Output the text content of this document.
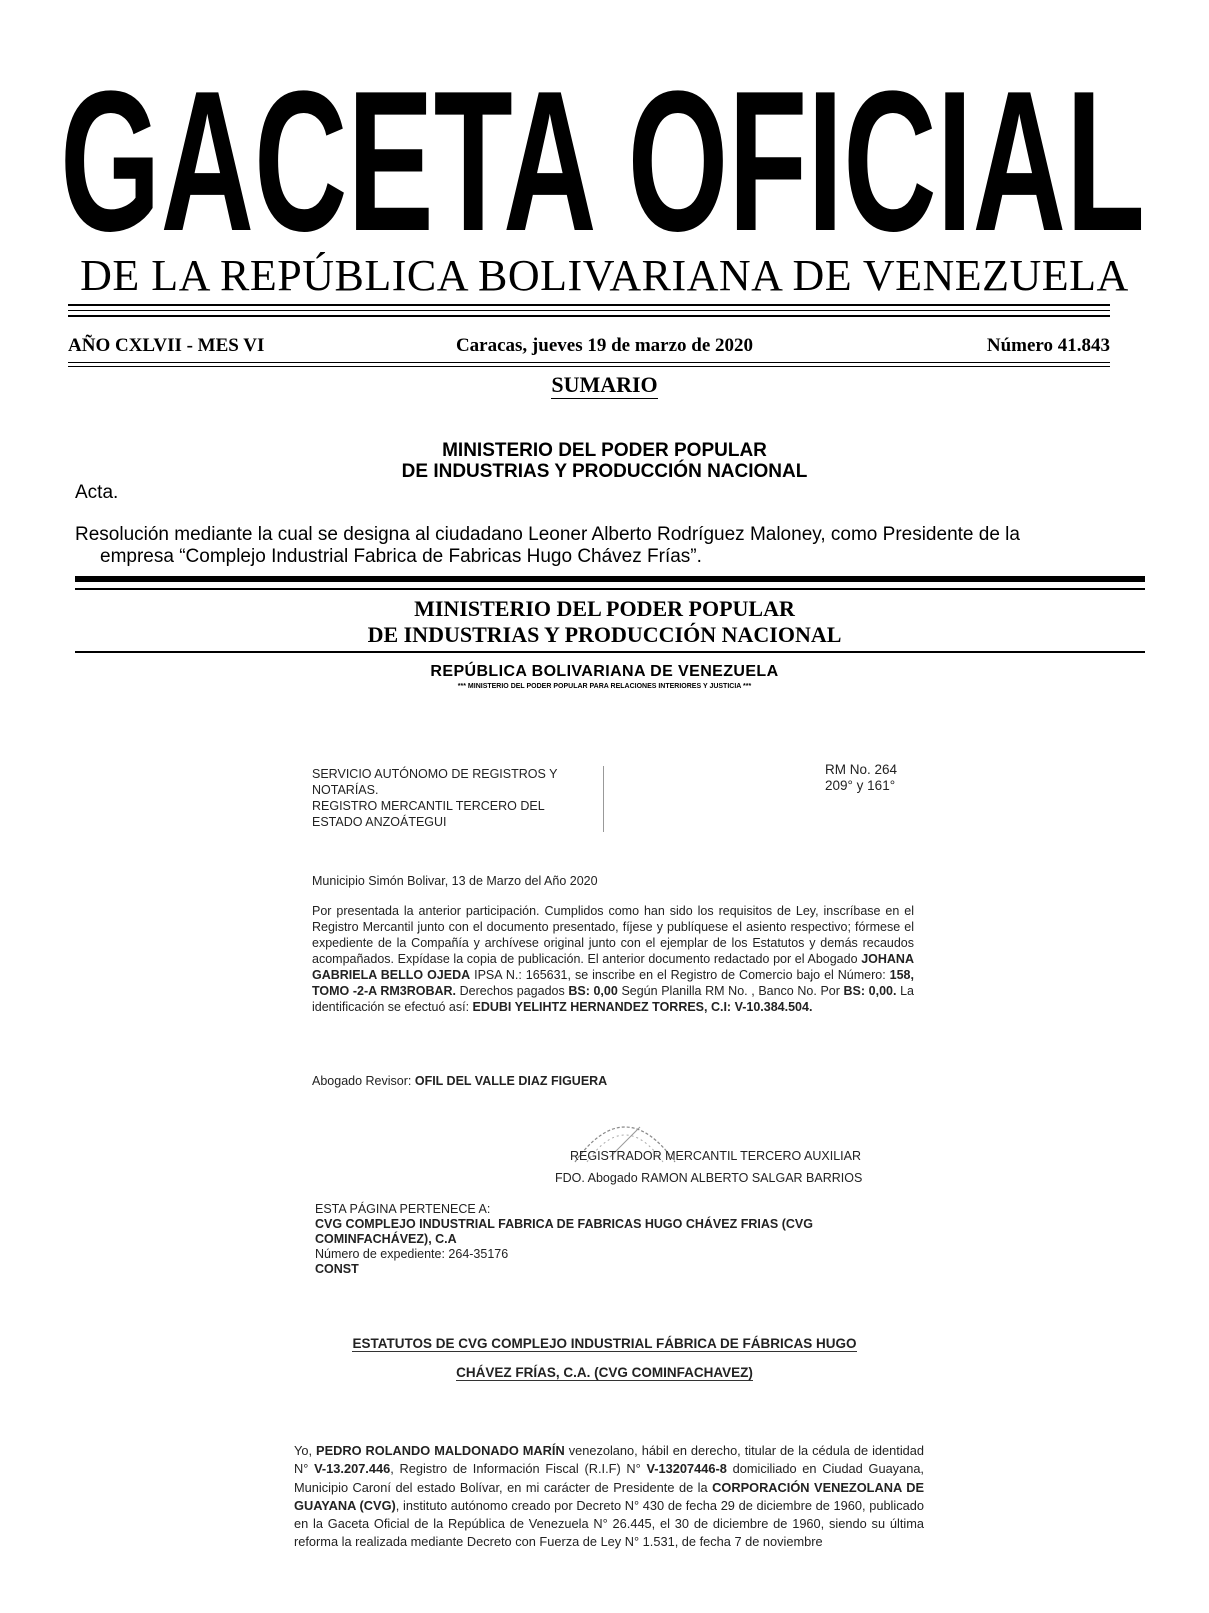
GACETA OFICIAL
DE LA REPÚBLICA BOLIVARIANA DE VENEZUELA
AÑO CXLVII - MES VI	Caracas, jueves 19 de marzo de 2020	Número 41.843
SUMARIO
MINISTERIO DEL PODER POPULAR
DE INDUSTRIAS Y PRODUCCIÓN NACIONAL
Acta.
Resolución mediante la cual se designa al ciudadano Leoner Alberto Rodríguez Maloney, como Presidente de la
empresa “Complejo Industrial Fabrica de Fabricas Hugo Chávez Frías”.
MINISTERIO DEL PODER POPULAR
DE INDUSTRIAS Y PRODUCCIÓN NACIONAL
REPÚBLICA BOLIVARIANA DE VENEZUELA
*** MINISTERIO DEL PODER POPULAR PARA RELACIONES INTERIORES Y JUSTICIA ***
SERVICIO AUTÓNOMO DE REGISTROS Y
NOTARÍAS.
REGISTRO MERCANTIL TERCERO DEL
ESTADO ANZOÁTEGUI
RM No. 264
209° y 161°
Municipio Simón Bolivar, 13 de Marzo del Año 2020
Por presentada la anterior participación. Cumplidos como han sido los requisitos de Ley, inscríbase en el Registro Mercantil junto con el documento presentado, fíjese y publíquese el asiento respectivo; fórmese el expediente de la Compañía y archívese original junto con el ejemplar de los Estatutos y demás recaudos acompañados. Expídase la copia de publicación. El anterior documento redactado por el Abogado JOHANA GABRIELA BELLO OJEDA IPSA N.: 165631, se inscribe en el Registro de Comercio bajo el Número: 158, TOMO -2-A RM3ROBAR. Derechos pagados BS: 0,00 Según Planilla RM No. , Banco No. Por BS: 0,00. La identificación se efectuó así: EDUBI YELIHTZ HERNANDEZ TORRES, C.I: V-10.384.504.
Abogado Revisor: OFIL DEL VALLE DIAZ FIGUERA
REGISTRADOR MERCANTIL TERCERO AUXILIAR
FDO. Abogado RAMON ALBERTO SALGAR BARRIOS
ESTA PÁGINA PERTENECE A:
CVG COMPLEJO INDUSTRIAL FABRICA DE FABRICAS HUGO CHÁVEZ FRIAS (CVG COMINFACHÁVEZ), C.A
Número de expediente: 264-35176
CONST
ESTATUTOS DE CVG COMPLEJO INDUSTRIAL FÁBRICA DE FÁBRICAS HUGO
CHÁVEZ FRÍAS, C.A. (CVG COMINFACHAVEZ)
Yo, PEDRO ROLANDO MALDONADO MARÍN venezolano, hábil en derecho, titular de la cédula de identidad N° V-13.207.446, Registro de Información Fiscal (R.I.F) N° V-13207446-8 domiciliado en Ciudad Guayana, Municipio Caroní del estado Bolívar, en mi carácter de Presidente de la CORPORACIÓN VENEZOLANA DE GUAYANA (CVG), instituto autónomo creado por Decreto N° 430 de fecha 29 de diciembre de 1960, publicado en la Gaceta Oficial de la República de Venezuela N° 26.445, el 30 de diciembre de 1960, siendo su última reforma la realizada mediante Decreto con Fuerza de Ley N° 1.531, de fecha 7 de noviembre
